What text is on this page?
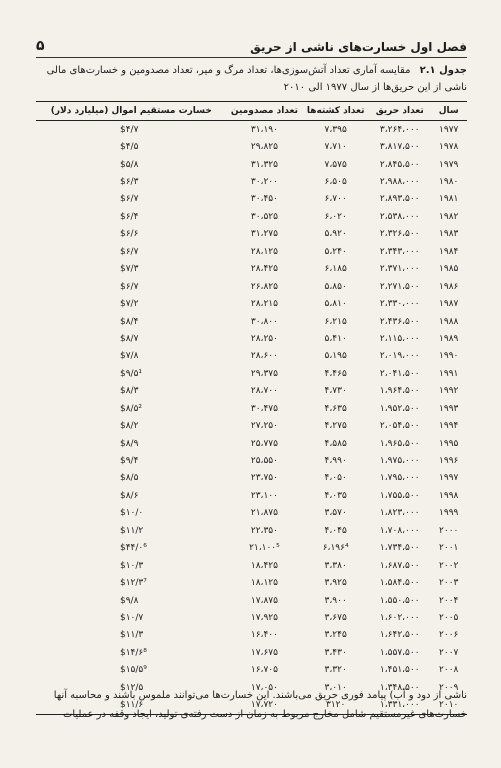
فصل اول خسارت‌های ناشی از حریق
۵
جدول ۲.۱ مقایسه آماری تعداد آتش‌سوزی‌ها، تعداد مرگ و میر، تعداد مصدومین و خسارت‌های مالی ناشی از این حریق‌ها از سال ۱۹۷۷ الی ۲۰۱۰
سال	تعداد حریق	تعداد کشته‌ها	تعداد مصدومین	خسارت مستقیم اموال (میلیارد دلار)
۱۹۷۷	۳،۲۶۴،۰۰۰	۷،۳۹۵	۳۱،۱۹۰	$۴/۷
۱۹۷۸	۳،۸۱۷،۵۰۰	۷،۷۱۰	۲۹،۸۲۵	$۴/۵
۱۹۷۹	۲،۸۴۵،۵۰۰	۷،۵۷۵	۳۱،۳۲۵	$۵/۸
۱۹۸۰	۲،۹۸۸،۰۰۰	۶،۵۰۵	۳۰،۲۰۰	$۶/۳
۱۹۸۱	۲،۸۹۳،۵۰۰	۶،۷۰۰	۳۰،۴۵۰	$۶/۷
۱۹۸۲	۲،۵۳۸،۰۰۰	۶،۰۲۰	۳۰،۵۲۵	$۶/۴
۱۹۸۳	۲،۳۲۶،۵۰۰	۵،۹۲۰	۳۱،۲۷۵	$۶/۶
۱۹۸۴	۲،۳۴۳،۰۰۰	۵،۲۴۰	۲۸،۱۲۵	$۶/۷
۱۹۸۵	۲،۳۷۱،۰۰۰	۶،۱۸۵	۲۸،۴۲۵	$۷/۳
۱۹۸۶	۲،۲۷۱،۵۰۰	۵،۸۵۰	۲۶،۸۲۵	$۶/۷
۱۹۸۷	۲،۳۳۰،۰۰۰	۵،۸۱۰	۲۸،۲۱۵	$۷/۲
۱۹۸۸	۲،۴۳۶،۵۰۰	۶،۲۱۵	۳۰،۸۰۰	$۸/۴
۱۹۸۹	۲،۱۱۵،۰۰۰	۵،۴۱۰	۲۸،۲۵۰	$۸/۷
۱۹۹۰	۲،۰۱۹،۰۰۰	۵،۱۹۵	۲۸،۶۰۰	$۷/۸
۱۹۹۱	۲،۰۴۱،۵۰۰	۴،۴۶۵	۲۹،۳۷۵	$۹/۵¹
۱۹۹۲	۱،۹۶۴،۵۰۰	۴،۷۳۰	۲۸،۷۰۰	$۸/۳
۱۹۹۳	۱،۹۵۲،۵۰۰	۴،۶۳۵	۳۰،۴۷۵	$۸/۵²
۱۹۹۴	۲،۰۵۴،۵۰۰	۴،۲۷۵	۲۷،۲۵۰	$۸/۲
۱۹۹۵	۱،۹۶۵،۵۰۰	۴،۵۸۵	۲۵،۷۷۵	$۸/۹
۱۹۹۶	۱،۹۷۵،۰۰۰	۴،۹۹۰	۲۵،۵۵۰	$۹/۴
۱۹۹۷	۱،۷۹۵،۰۰۰	۴،۰۵۰	۲۳،۷۵۰	$۸/۵
۱۹۹۸	۱،۷۵۵،۵۰۰	۴،۰۳۵	۲۳،۱۰۰	$۸/۶
۱۹۹۹	۱،۸۲۳،۰۰۰	۳،۵۷۰	۲۱،۸۷۵	$۱۰/۰
۲۰۰۰	۱،۷۰۸،۰۰۰	۴،۰۴۵	۲۲،۳۵۰	$۱۱/۲
۲۰۰۱	۱،۷۳۴،۵۰۰	۶،۱۹۶⁴	۲۱،۱۰۰⁵	$۴۴/۰⁶
۲۰۰۲	۱،۶۸۷،۵۰۰	۳،۳۸۰	۱۸،۴۲۵	$۱۰/۳
۲۰۰۳	۱،۵۸۴،۵۰۰	۳،۹۲۵	۱۸،۱۲۵	$۱۲/۳⁷
۲۰۰۴	۱،۵۵۰،۵۰۰	۳،۹۰۰	۱۷،۸۷۵	$۹/۸
۲۰۰۵	۱،۶۰۲،۰۰۰	۳،۶۷۵	۱۷،۹۲۵	$۱۰/۷
۲۰۰۶	۱،۶۴۲،۵۰۰	۳،۲۴۵	۱۶،۴۰۰	$۱۱/۳
۲۰۰۷	۱،۵۵۷،۵۰۰	۳،۴۳۰	۱۷،۶۷۵	$۱۴/۶⁸
۲۰۰۸	۱،۴۵۱،۵۰۰	۳،۳۲۰	۱۶،۷۰۵	$۱۵/۵⁹
۲۰۰۹	۱،۳۴۸،۵۰۰	۳،۰۱۰	۱۷،۰۵۰	$۱۲/۵
۲۰۱۰	۱،۳۳۱،۰۰۰	۳۱۲۰	۱۷،۷۲۰	$۱۱/۶
ناشی از دود و آب) پیامد فوری حریق می‌باشند. این خسارت‌ها می‌توانند ملموس باشند و محاسبه آنها
خسارت‌های غیرمستقیم شامل مخارج مربوط به زمان از دست رفته‌ی تولید، ایجاد وقفه در عملیات
